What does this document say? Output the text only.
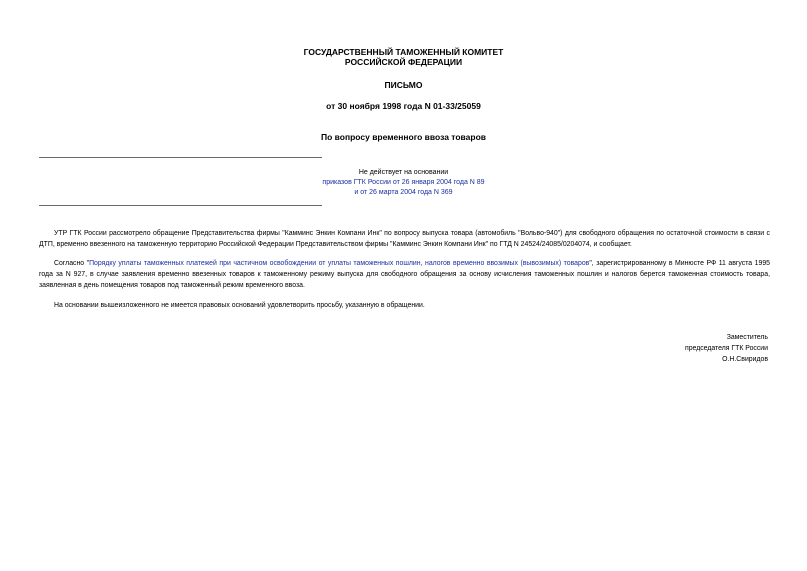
ГОСУДАРСТВЕННЫЙ ТАМОЖЕННЫЙ КОМИТЕТ
РОССИЙСКОЙ ФЕДЕРАЦИИ
ПИСЬМО
от 30 ноября 1998 года N 01-33/25059
По вопросу временного ввоза товаров
Не действует на основании
приказов ГТК России от 26 января 2004 года N 89
и от 26 марта 2004 года N 369

УТР ГТК России рассмотрело обращение Представительства фирмы "Камминс Энкин Компани Инк" по вопросу выпуска товара (автомобиль "Вольво-940") для свободного обращения по остаточной стоимости в связи с ДТП, временно ввезенного на таможенную территорию Российской Федерации Представительством фирмы "Камминс Энкин Компани Инк" по ГТД N 24524/24085/0204074, и сообщает.

Согласно "Порядку уплаты таможенных платежей при частичном освобождении от уплаты таможенных пошлин, налогов временно ввозимых (вывозимых) товаров", зарегистрированному в Минюсте РФ 11 августа 1995 года за N 927, в случае заявления временно ввезенных товаров к таможенному режиму выпуска для свободного обращения за основу исчисления таможенных пошлин и налогов берется таможенная стоимость товара, заявленная в день помещения товаров под таможенный режим временного ввоза.

На основании вышеизложенного не имеется правовых оснований удовлетворить просьбу, указанную в обращении.

Заместитель
председателя ГТК России
О.Н.Свиридов
